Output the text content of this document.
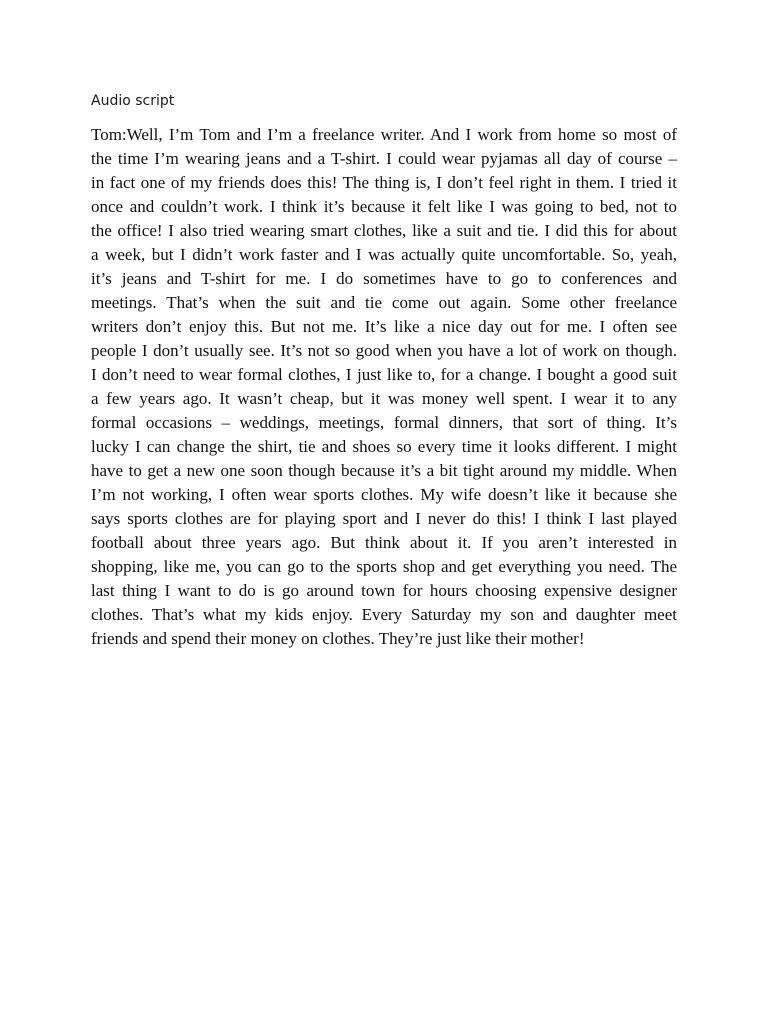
Audio script
Tom:Well, I’m Tom and I’m a freelance writer. And I work from home so most of
the time I’m wearing jeans and a T-shirt. I could wear pyjamas all day of course –
in fact one of my friends does this! The thing is, I don’t feel right in them. I tried it
once and couldn’t work. I think it’s because it felt like I was going to bed, not to
the office! I also tried wearing smart clothes, like a suit and tie. I did this for about
a week, but I didn’t work faster and I was actually quite uncomfortable. So, yeah,
it’s jeans and T-shirt for me. I do sometimes have to go to conferences and
meetings. That’s when the suit and tie come out again. Some other freelance
writers don’t enjoy this. But not me. It’s like a nice day out for me. I often see
people I don’t usually see. It’s not so good when you have a lot of work on though.
I don’t need to wear formal clothes, I just like to, for a change. I bought a good suit
a few years ago. It wasn’t cheap, but it was money well spent. I wear it to any
formal occasions – weddings, meetings, formal dinners, that sort of thing. It’s
lucky I can change the shirt, tie and shoes so every time it looks different. I might
have to get a new one soon though because it’s a bit tight around my middle. When
I’m not working, I often wear sports clothes. My wife doesn’t like it because she
says sports clothes are for playing sport and I never do this! I think I last played
football about three years ago. But think about it. If you aren’t interested in
shopping, like me, you can go to the sports shop and get everything you need. The
last thing I want to do is go around town for hours choosing expensive designer
clothes. That’s what my kids enjoy. Every Saturday my son and daughter meet
friends and spend their money on clothes. They’re just like their mother!
